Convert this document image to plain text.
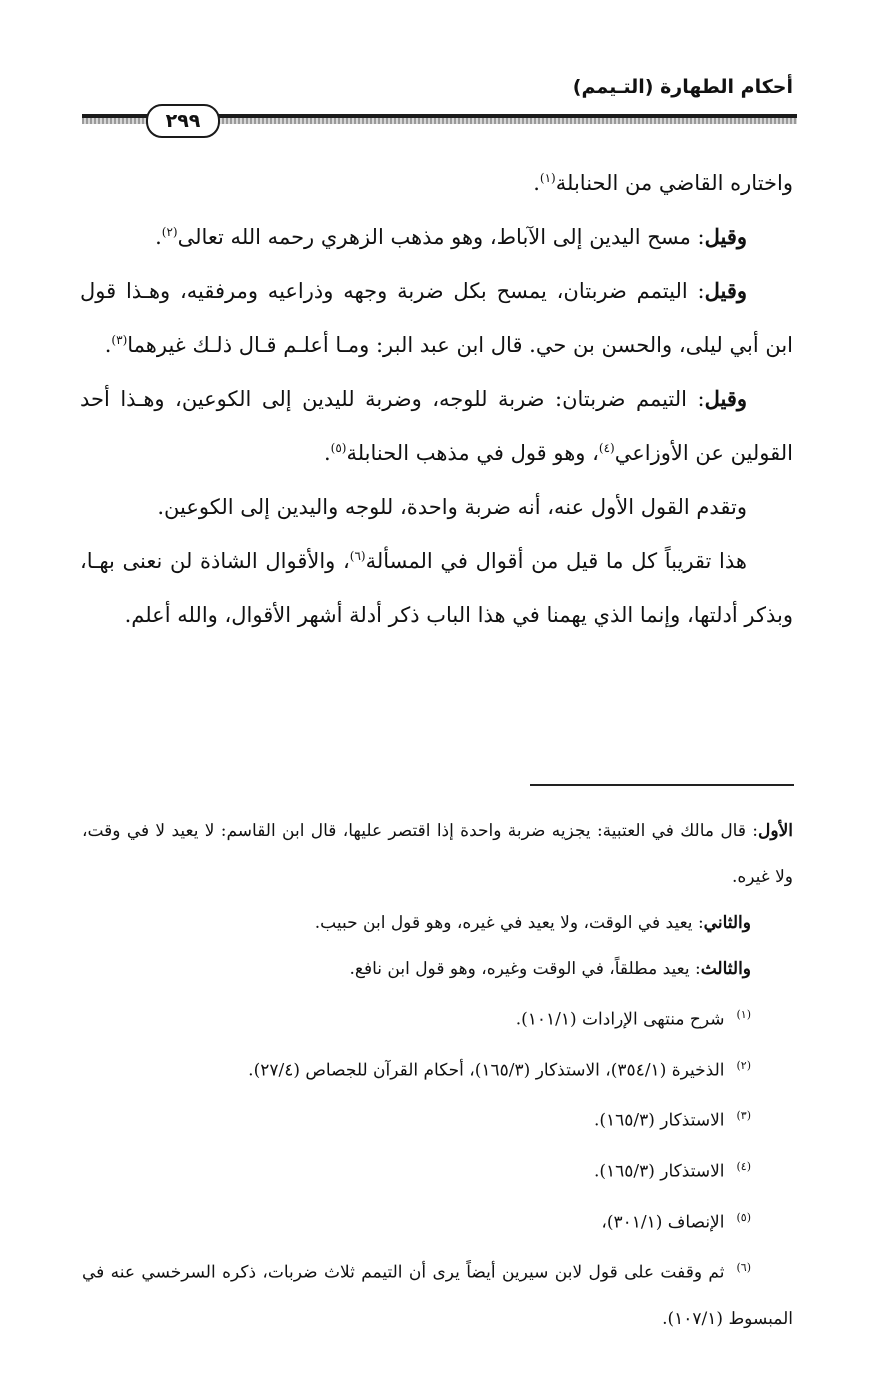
أحكام الطهارة (التـيمم)
٢٩٩

واختاره القاضي من الحنابلة$^{(١)}$.

وقيل: مسح اليدين إلى الآباط، وهو مذهب الزهري رحمه الله تعالى$^{(٢)}$.

وقيل: اليتمم ضربتان، يمسح بكل ضربة وجهه وذراعيه ومرفقيه، وهـذا قول ابن أبي ليلى، والحسن بن حي. قال ابن عبد البر: ومـا أعلـم قـال ذلـك غيرهما$^{(٣)}$.

وقيل: التيمم ضربتان: ضربة للوجه، وضربة لليدين إلى الكوعين، وهـذا أحد القولين عن الأوزاعي$^{(٤)}$، وهو قول في مذهب الحنابلة$^{(٥)}$.

وتقدم القول الأول عنه، أنه ضربة واحدة، للوجه واليدين إلى الكوعين.

هذا تقريباً كل ما قيل من أقوال في المسألة$^{(٦)}$، والأقوال الشاذة لن نعنى بهـا، وبذكر أدلتها، وإنما الذي يهمنا في هذا الباب ذكر أدلة أشهر الأقوال، والله أعلم.

الأول: قال مالك في العتبية: يجزيه ضربة واحدة إذا اقتصر عليها، قال ابن القاسم: لا يعيد لا في وقت، ولا غيره.

والثاني: يعيد في الوقت، ولا يعيد في غيره، وهو قول ابن حبيب.

والثالث: يعيد مطلقاً، في الوقت وغيره، وهو قول ابن نافع.

$^{(١)}$شرح منتهى الإرادات (١٠١/١).

$^{(٢)}$الذخيرة (٣٥٤/١)، الاستذكار (١٦٥/٣)، أحكام القرآن للجصاص (٢٧/٤).

$^{(٣)}$الاستذكار (١٦٥/٣).

$^{(٤)}$الاستذكار (١٦٥/٣).

$^{(٥)}$الإنصاف (٣٠١/١)،

$^{(٦)}$ثم وقفت على قول لابن سيرين أيضاً يرى أن التيمم ثلاث ضربات، ذكره السرخسي عنه في المبسوط (١٠٧/١).
